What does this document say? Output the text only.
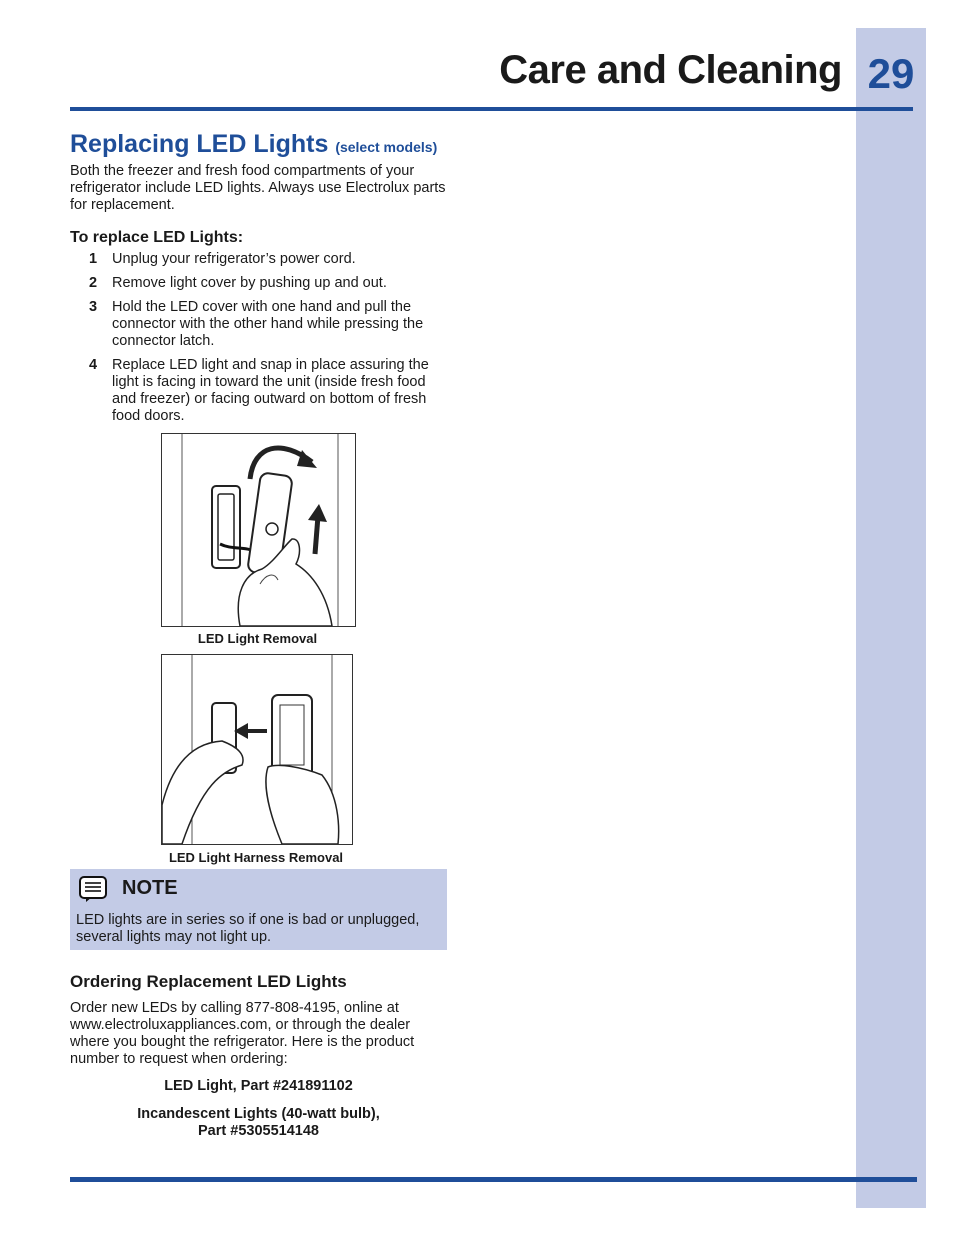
Care and Cleaning 29
Replacing LED Lights (select models)

Both the freezer and fresh food compartments of your refrigerator include LED lights. Always use Electrolux parts for replacement.

To replace LED Lights:
1 Unplug your refrigerator’s power cord.
2 Remove light cover by pushing up and out.
3 Hold the LED cover with one hand and pull the connector with the other hand while pressing the connector latch.
4 Replace LED light and snap in place assuring the light is facing in toward the unit (inside fresh food and freezer) or facing outward on bottom of fresh food doors.
LED Light Removal
LED Light Harness Removal
NOTE
LED lights are in series so if one is bad or unplugged, several lights may not light up.
Ordering Replacement LED Lights

Order new LEDs by calling 877-808-4195, online at www.electroluxappliances.com, or through the dealer where you bought the refrigerator. Here is the product number to request when ordering:

LED Light, Part #241891102
Incandescent Lights (40-watt bulb),
Part #5305514148
